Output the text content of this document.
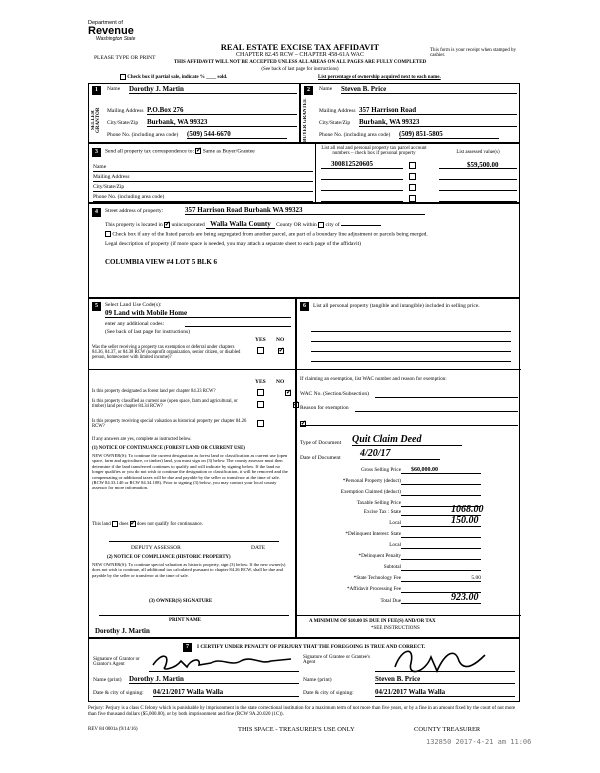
Department of
Revenue
Washington State
REAL ESTATE EXCISE TAX AFFIDAVIT
CHAPTER 82.45 RCW – CHAPTER 458-61A WAC
THIS AFFIDAVIT WILL NOT BE ACCEPTED UNLESS ALL AREAS ON ALL PAGES ARE FULLY COMPLETED
(See back of last page for instructions)
PLEASE TYPE OR PRINT
This form is your receipt when stamped by cashier.
Check box if partial sale, indicate % ____ sold.	List percentage of ownership acquired next to each name.
1
SELLER GRANTOR
Name Dorothy J. Martin
Mailing Address P.O.Box 276
City/State/Zip Burbank, WA 99323
Phone No. (including area code) (509) 544-6670
2
BUYER GRANTEE
Name Steven B. Price
Mailing Address 357 Harrison Road
City/State/Zip Burbank, WA 99323
Phone No. (including area code) (509) 851-5805
3	Send all property tax correspondence to: ✓ Same as Buyer/Grantee
Name
Mailing Address
City/State/Zip
Phone No. (including area code)
List all real and personal property tax parcel account numbers – check box if personal property	List assessed value(s)
300812520605	$59,500.00
4	Street address of property:	357 Harrison Road Burbank WA 99323
This property is located in ✓ unincorporated Walla Walla County County OR within city of
Check box if any of the listed parcels are being segregated from another parcel, are part of a boundary line adjustment or parcels being merged.
Legal description of property (if more space is needed, you may attach a separate sheet to each page of the affidavit)
COLUMBIA VIEW #4 LOT 5 BLK 6
5	Select Land Use Code(s):
09 Land with Mobile Home
enter any additional codes:
(See back of last page for instructions)
YES NO
Was the seller receiving a property tax exemption or deferral under chapters 84.36, 84.37, or 84.38 RCW (nonprofit organization, senior citizen, or disabled person, homeowner with limited income)?
✓
YES NO
Is this property designated as forest land per chapter 84.33 RCW?
✓
Is this property classified as current use (open space, farm and agricultural, or timber) land per chapter 84.34 RCW?
✓
Is this property receiving special valuation as historical property per chapter 84.26 RCW?
✓
If any answers are yes, complete as instructed below.
(1) NOTICE OF CONTINUANCE (FOREST LAND OR CURRENT USE)
NEW OWNER(S): To continue the current designation as forest land or classification as current use (open space, farm and agriculture, or timber) land, you must sign on (3) below. The county assessor must then determine if the land transferred continues to qualify and will indicate by signing below. If the land no longer qualifies or you do not wish to continue the designation or classification, it will be removed and the compensating or additional taxes will be due and payable by the seller or transferor at the time of sale. (RCW 84.33.140 or RCW 84.34.108). Prior to signing (3) below, you may contact your local county assessor for more information.
This land does ✓ does not qualify for continuance.
DEPUTY ASSESSOR	DATE
(2) NOTICE OF COMPLIANCE (HISTORIC PROPERTY)
NEW OWNER(S): To continue special valuation as historic property, sign (3) below. If the new owner(s) does not wish to continue, all additional tax calculated pursuant to chapter 84.26 RCW, shall be due and payable by the seller or transferor at the time of sale.
(3) OWNER(S) SIGNATURE
PRINT NAME
Dorothy J. Martin
6	List all personal property (tangible and intangible) included in selling price.
If claiming an exemption, list WAC number and reason for exemption:
WAC No. (Section/Subsection)
Reason for exemption
Type of Document Quit Claim Deed
Date of Document 4/20/17
Gross Selling Price	$60,000.00
*Personal Property (deduct)
Exemption Claimed (deduct)
Taxable Selling Price
Excise Tax : State	1068.00
Local	150.00
*Delinquent Interest: State
Local
*Delinquent Penalty
Subtotal
*State Technology Fee	5.00
*Affidavit Processing Fee
Total Due	923.00
A MINIMUM OF $10.00 IS DUE IN FEE(S) AND/OR TAX
*SEE INSTRUCTIONS
7	I CERTIFY UNDER PENALTY OF PERJURY THAT THE FOREGOING IS TRUE AND CORRECT.
Signature of Grantor or Grantor's Agent
Signature of Grantee or Grantee's Agent
Name (print) Dorothy J. Martin	Name (print)	Steven B. Price
Date & city of signing: 04/21/2017 Walla Walla	Date & city of signing:	04/21/2017 Walla Walla
Perjury: Perjury is a class C felony which is punishable by imprisonment in the state correctional institution for a maximum term of not more than five years, or by a fine in an amount fixed by the court of not more than five thousand dollars ($5,000.00), or by both imprisonment and fine (RCW 9A.20.020 (1C)).
REV 84 0001a (9/14/16)	THIS SPACE - TREASURER'S USE ONLY	COUNTY TREASURER
132850 2017-4-21 am 11:06
